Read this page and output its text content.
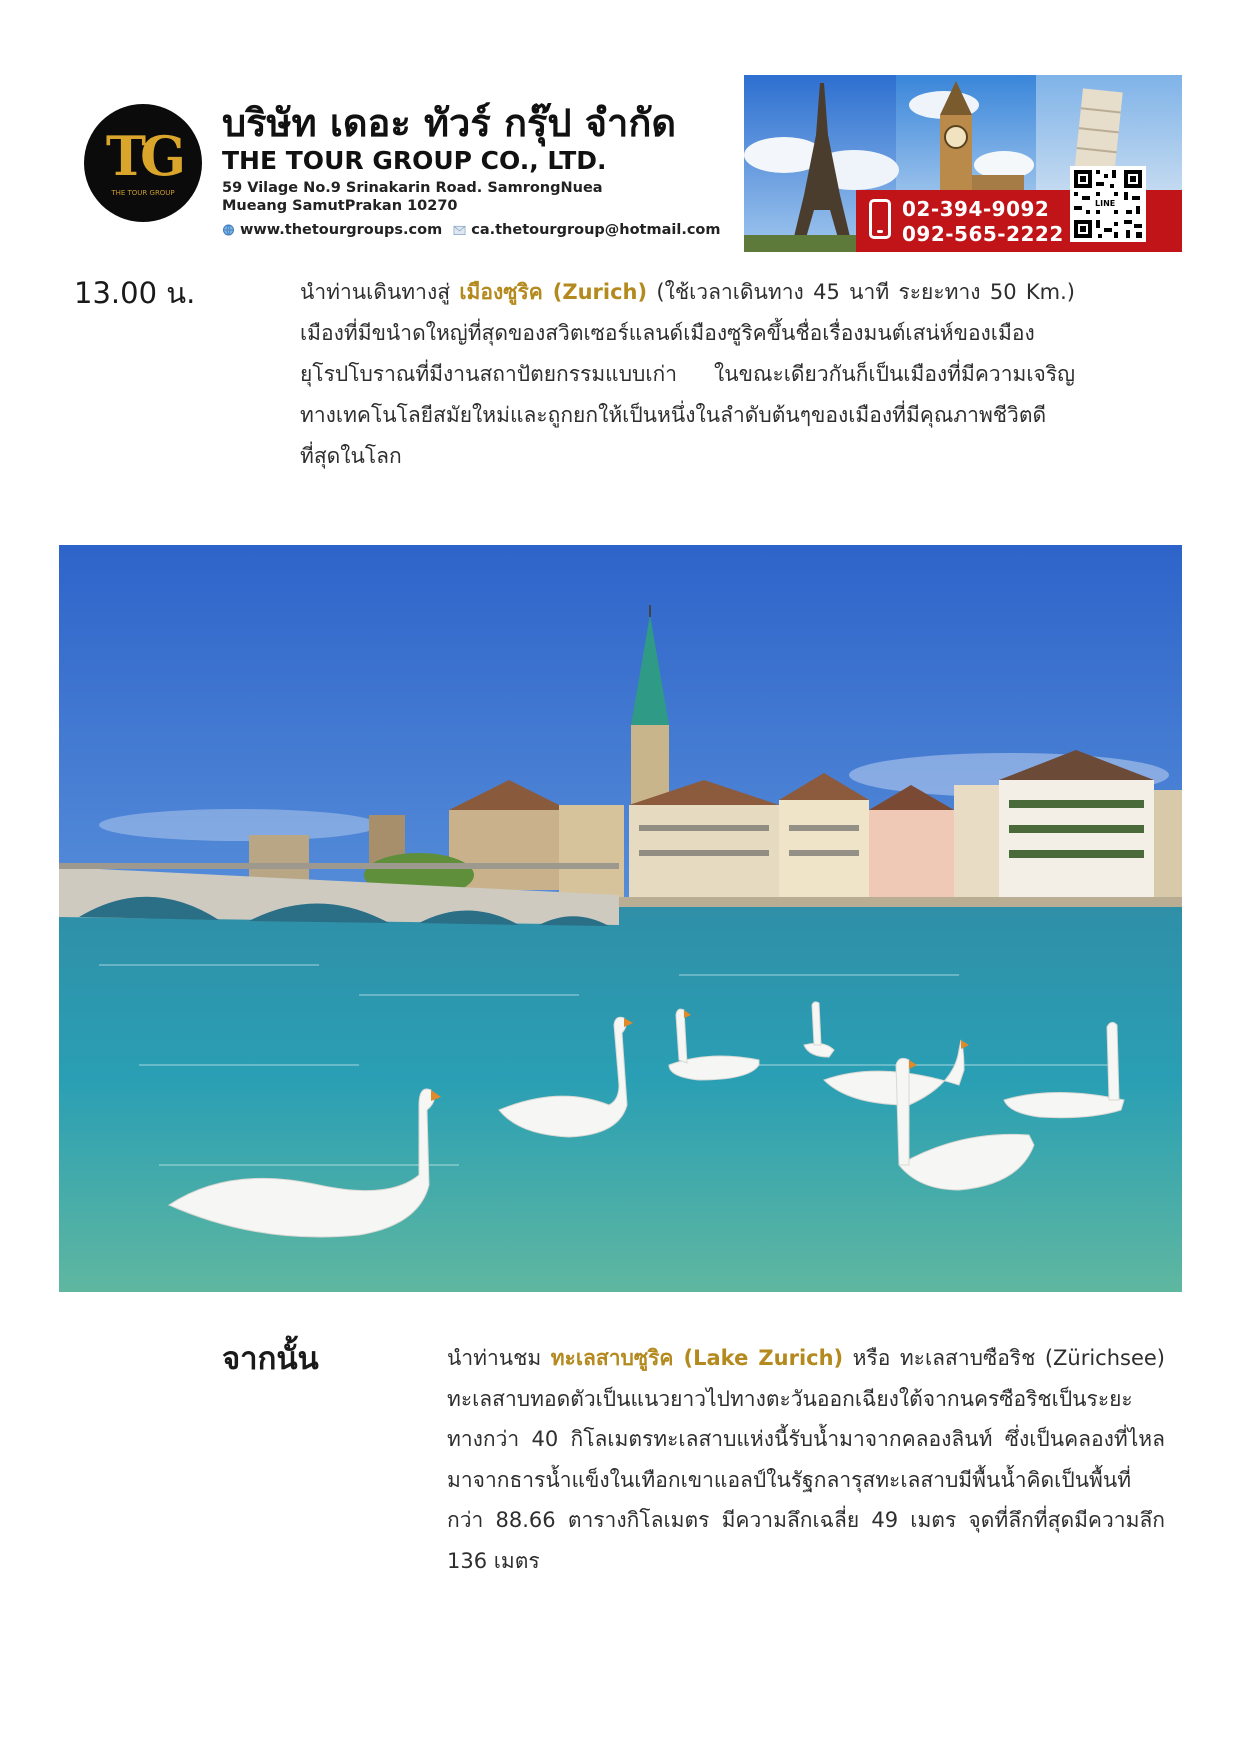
TG
THE TOUR GROUP
บริษัท เดอะ ทัวร์ กรุ๊ป จำกัด
THE TOUR GROUP CO., LTD.
59 Vilage No.9 Srinakarin Road. SamrongNuea
Mueang SamutPrakan 10270
www.thetourgroups.com ca.thetourgroup@hotmail.com
02-394-9092
092-565-2222
LINE
13.00 น.	นำท่านเดินทางสู่ เมืองซูริค (Zurich) (ใช้เวลาเดินทาง 45 นาที ระยะทาง 50 Km.) เมืองที่มีขนำดใหญ่ที่สุดของสวิตเซอร์แลนด์เมืองซูริคขึ้นชื่อเรื่องมนต์เสน่ห์ของเมืองยุโรปโบราณที่มีงานสถาปัตยกรรมแบบเก่า ในขณะเดียวกันก็เป็นเมืองที่มีความเจริญทางเทคโนโลยีสมัยใหม่และถูกยกให้เป็นหนึ่งในลำดับต้นๆของเมืองที่มีคุณภาพชีวิตดีที่สุดในโลก
จากนั้น	นำท่านชม ทะเลสาบซูริค (Lake Zurich) หรือ ทะเลสาบซือริช (Zürichsee) ทะเลสาบทอดตัวเป็นแนวยาวไปทางตะวันออกเฉียงใต้จากนครซือริชเป็นระยะทางกว่า 40 กิโลเมตรทะเลสาบแห่งนี้รับน้ำมาจากคลองลินท์ ซึ่งเป็นคลองที่ไหลมาจากธารน้ำแข็งในเทือกเขาแอลป์ในรัฐกลารุสทะเลสาบมีพื้นน้ำคิดเป็นพื้นที่กว่า 88.66 ตารางกิโลเมตร มีความลึกเฉลี่ย 49 เมตร จุดที่ลึกที่สุดมีความลึก 136 เมตร
